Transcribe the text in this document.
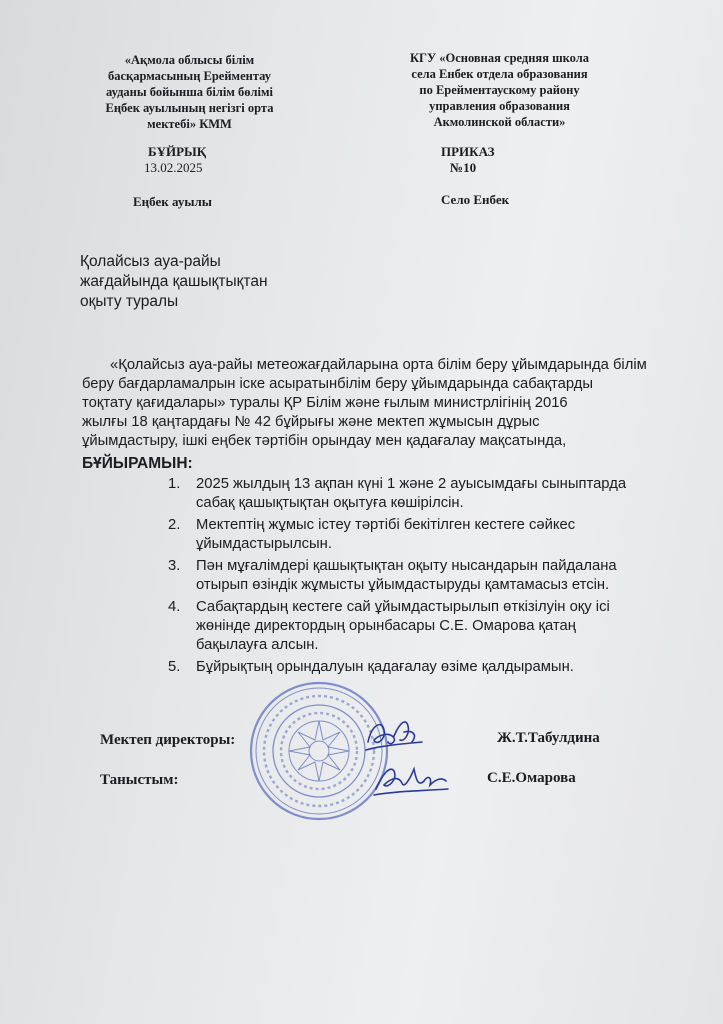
«Ақмола облысы білім
басқармасының Ерейментау
ауданы бойынша білім бөлімі
Еңбек ауылының негізгі орта
мектебі» КММ
КГУ «Основная средняя школа
села Енбек отдела образования
по Ерейментаускому району
управления образования
Акмолинской области»
БҰЙРЫҚ
13.02.2025
ПРИКАЗ
№10
Еңбек ауылы	Село Енбек
Қолайсыз ауа-райы
жағдайында қашықтықтан
оқыту туралы
«Қолайсыз ауа-райы метеожағдайларына орта білім беру ұйымдарында білім
беру бағдарламалрын іске асыратынбілім беру ұйымдарында сабақтарды
тоқтату қағидалары» туралы ҚР Білім және ғылым министрлігінің 2016
жылғы 18 қаңтардағы № 42 бұйрығы және мектеп жұмысын дұрыс
ұйымдастыру, ішкі еңбек тәртібін орындау мен қадағалау мақсатында,
БҰЙЫРАМЫН:
1. 2025 жылдың 13 ақпан күні 1 және 2 ауысымдағы сыныптарда
сабақ қашықтықтан оқытуға көшірілсін.
2. Мектептің жұмыс істеу тәртібі бекітілген кестеге сәйкес
ұйымдастырылсын.
3. Пән мұғалімдері қашықтықтан оқыту нысандарын пайдалана
отырып өзіндік жұмысты ұйымдастыруды қамтамасыз етсін.
4. Сабақтардың кестеге сай ұйымдастырылып өткізілуін оқу ісі
жөнінде директордың орынбасары С.Е. Омарова қатаң
бақылауға алсын.
5. Бұйрықтың орындалуын қадағалау өзіме қалдырамын.
Мектеп директоры:	Ж.Т.Табулдина
Таныстым:	С.Е.Омарова
